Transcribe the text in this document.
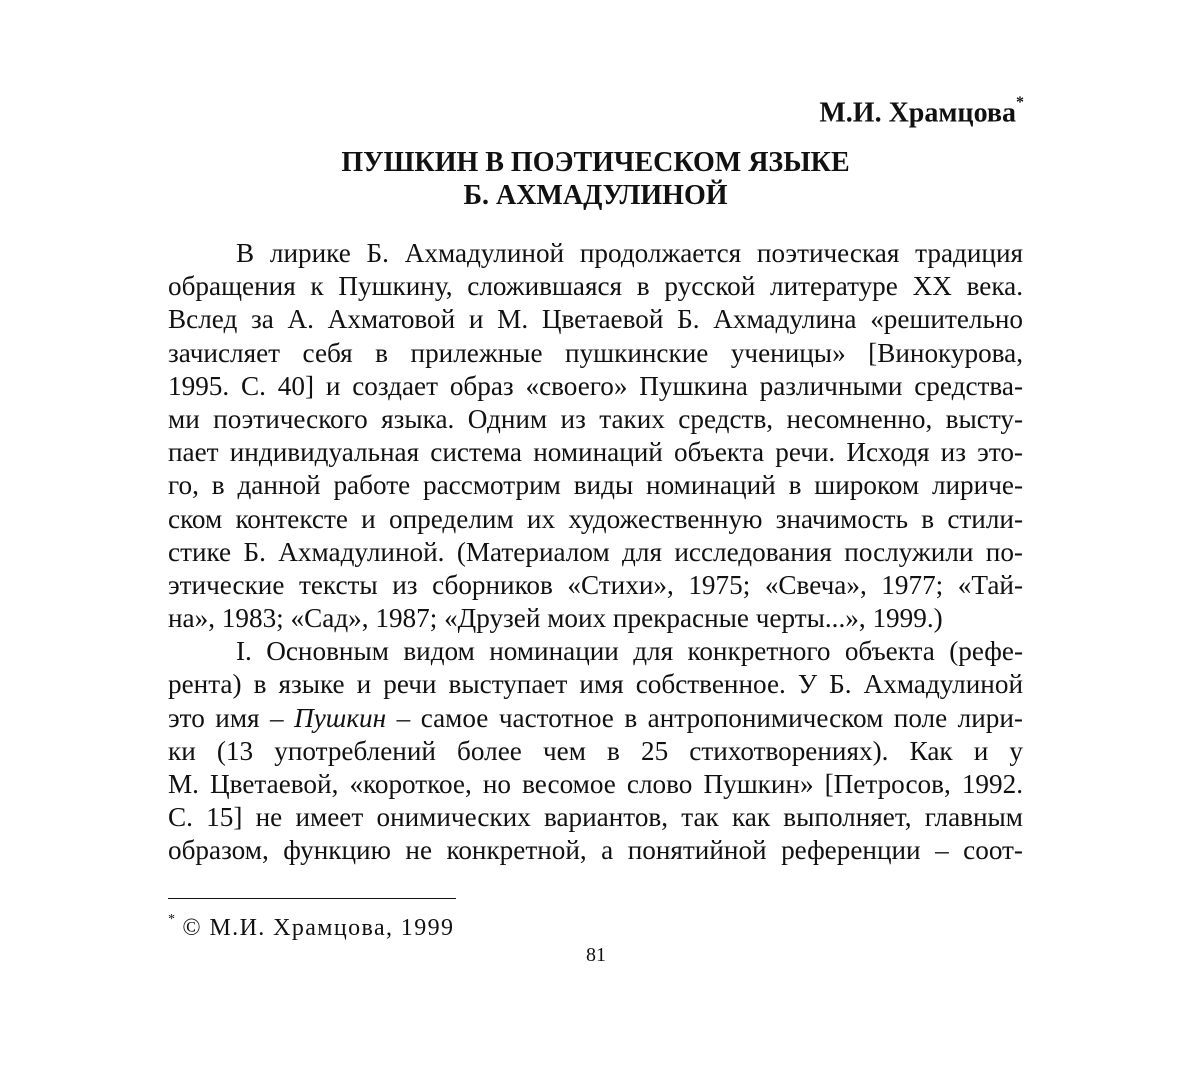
М.И. Храмцова*
ПУШКИН В ПОЭТИЧЕСКОМ ЯЗЫКЕ
Б. АХМАДУЛИНОЙ
В лирике Б. Ахмадулиной продолжается поэтическая традиция
обращения к Пушкину, сложившаяся в русской литературе XX века.
Вслед за А. Ахматовой и М. Цветаевой Б. Ахмадулина «решительно
зачисляет себя в прилежные пушкинские ученицы» [Винокурова,
1995. С. 40] и создает образ «своего» Пушкина различными средства-
ми поэтического языка. Одним из таких средств, несомненно, высту-
пает индивидуальная система номинаций объекта речи. Исходя из это-
го, в данной работе рассмотрим виды номинаций в широком лириче-
ском контексте и определим их художественную значимость в стили-
стике Б. Ахмадулиной. (Материалом для исследования послужили по-
этические тексты из сборников «Стихи», 1975; «Свеча», 1977; «Тай-
на», 1983; «Сад», 1987; «Друзей моих прекрасные черты...», 1999.)
I. Основным видом номинации для конкретного объекта (рефе-
рента) в языке и речи выступает имя собственное. У Б. Ахмадулиной
это имя – Пушкин – самое частотное в антропонимическом поле лири-
ки (13 употреблений более чем в 25 стихотворениях). Как и у
М. Цветаевой, «короткое, но весомое слово Пушкин» [Петросов, 1992.
С. 15] не имеет онимических вариантов, так как выполняет, главным
образом, функцию не конкретной, а понятийной референции – соот-
* © М.И. Храмцова, 1999
81
